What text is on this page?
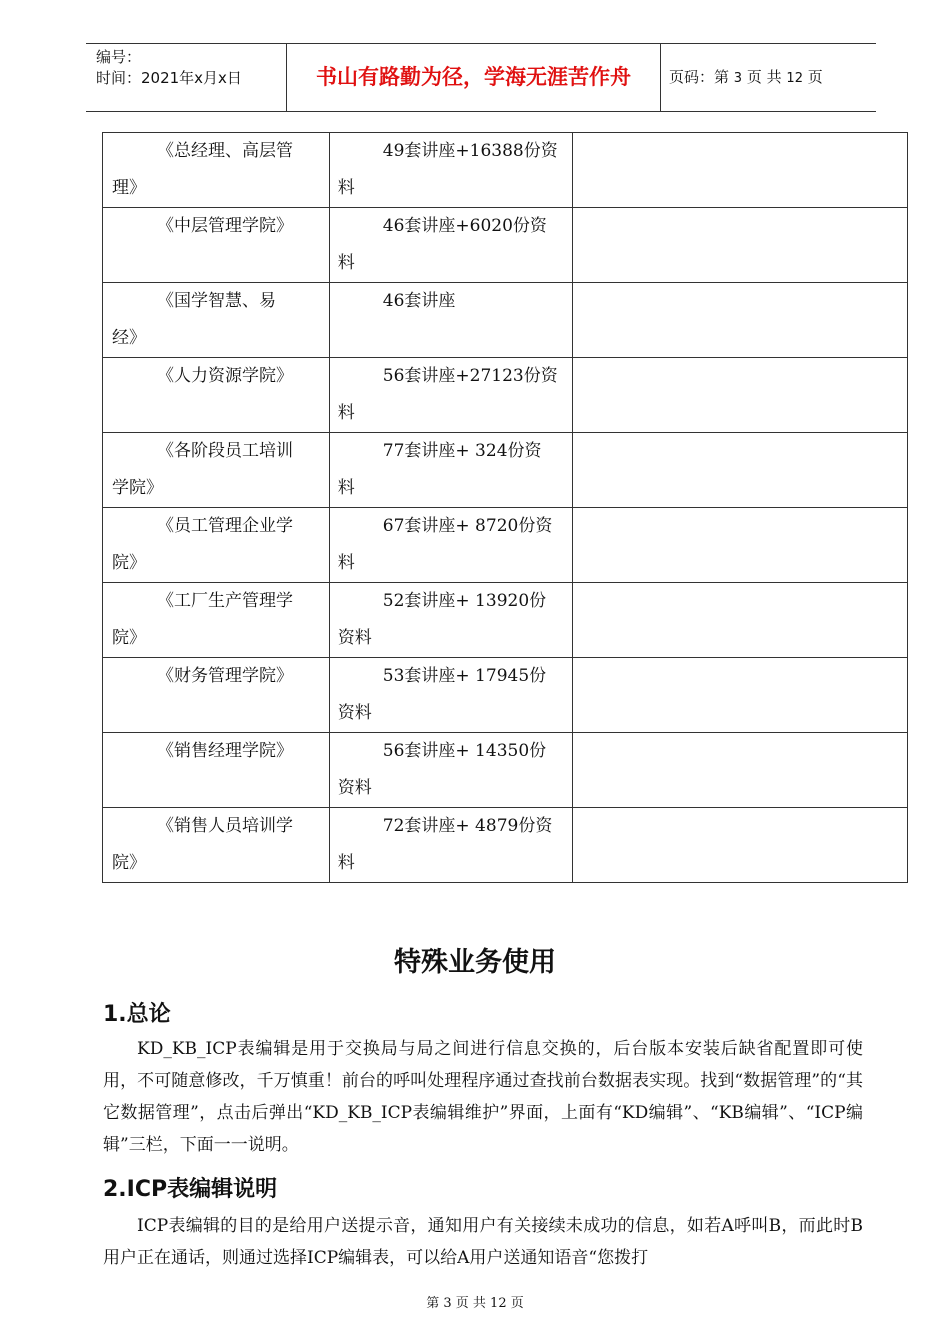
编号：
时间：2021年x月x日	书山有路勤为径，学海无涯苦作舟	页码：第 3 页 共 12 页
《总经理、高层管
理》	49套讲座+16388份资
料	

《中层管理学院》	46套讲座+6020份资
料	

《国学智慧、易
经》	46套讲座	

《人力资源学院》	56套讲座+27123份资
料	

《各阶段员工培训
学院》	77套讲座+ 324份资
料	

《员工管理企业学
院》	67套讲座+ 8720份资
料	

《工厂生产管理学
院》	52套讲座+ 13920份
资料	

《财务管理学院》	53套讲座+ 17945份
资料	

《销售经理学院》	56套讲座+ 14350份
资料	

《销售人员培训学
院》	72套讲座+ 4879份资
料	

特殊业务使用
1.总论
KD_KB_ICP表编辑是用于交换局与局之间进行信息交换的，后台版本安装后缺省配置即可使用，不可随意修改，千万慎重！前台的呼叫处理程序通过查找前台数据表实现。找到“数据管理”的“其它数据管理”，点击后弹出“KD_KB_ICP表编辑维护”界面，上面有“KD编辑”、“KB编辑”、“ICP编辑”三栏，下面一一说明。
2.ICP表编辑说明
ICP表编辑的目的是给用户送提示音，通知用户有关接续未成功的信息，如若A呼叫B，而此时B用户正在通话，则通过选择ICP编辑表，可以给A用户送通知语音“您拨打
第 3 页 共 12 页
